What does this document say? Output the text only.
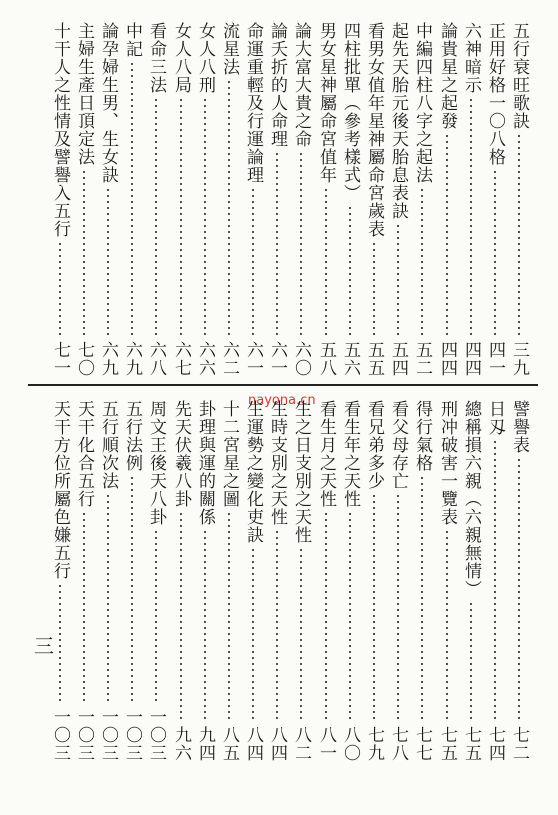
五行衰旺歌訣
三九
正用好格一〇八格
四一
六神暗示
四四
論貴星之起發
四四
中編四柱八字之起法
五二
起先天胎元後天胎息表訣
五四
看男女值年星神屬命宮歲表
五五
四柱批單（參考樣式）
五六
男女星神屬命宮值年
五八
論大富大貴之命
六〇
論夭折的人命理
六一
命運重輕及行運論理
六一
流星法
六二
女人八刑
六六
女人八局
六七
看命三法
六八
中記
六九
論孕婦生男、生女訣
六九
主婦生產日頂定法
七〇
十干人之性情及譬譽入五行
七一
nayona.cn	譬譽表
七二
日刄
七四
總稱損六親（六親無情）
七五
刑冲破害一覽表
七五
得行氣格
七七
看父母存亡
七八
看兄弟多少
七九
看生年之天性
八〇
看生月之天性
八一
生之日支別之天性
八二
生時支別之天性
八四
生運勢之變化吏訣
八四
十二宮星之圖
八五
卦理與運的關係
九四
先天伏羲八卦
九六
周文王後天八卦
一〇三
五行法例
一〇三
五行順次法
一〇三
天干化合五行
一〇三
天干方位所屬色嫌五行
一〇三
三
